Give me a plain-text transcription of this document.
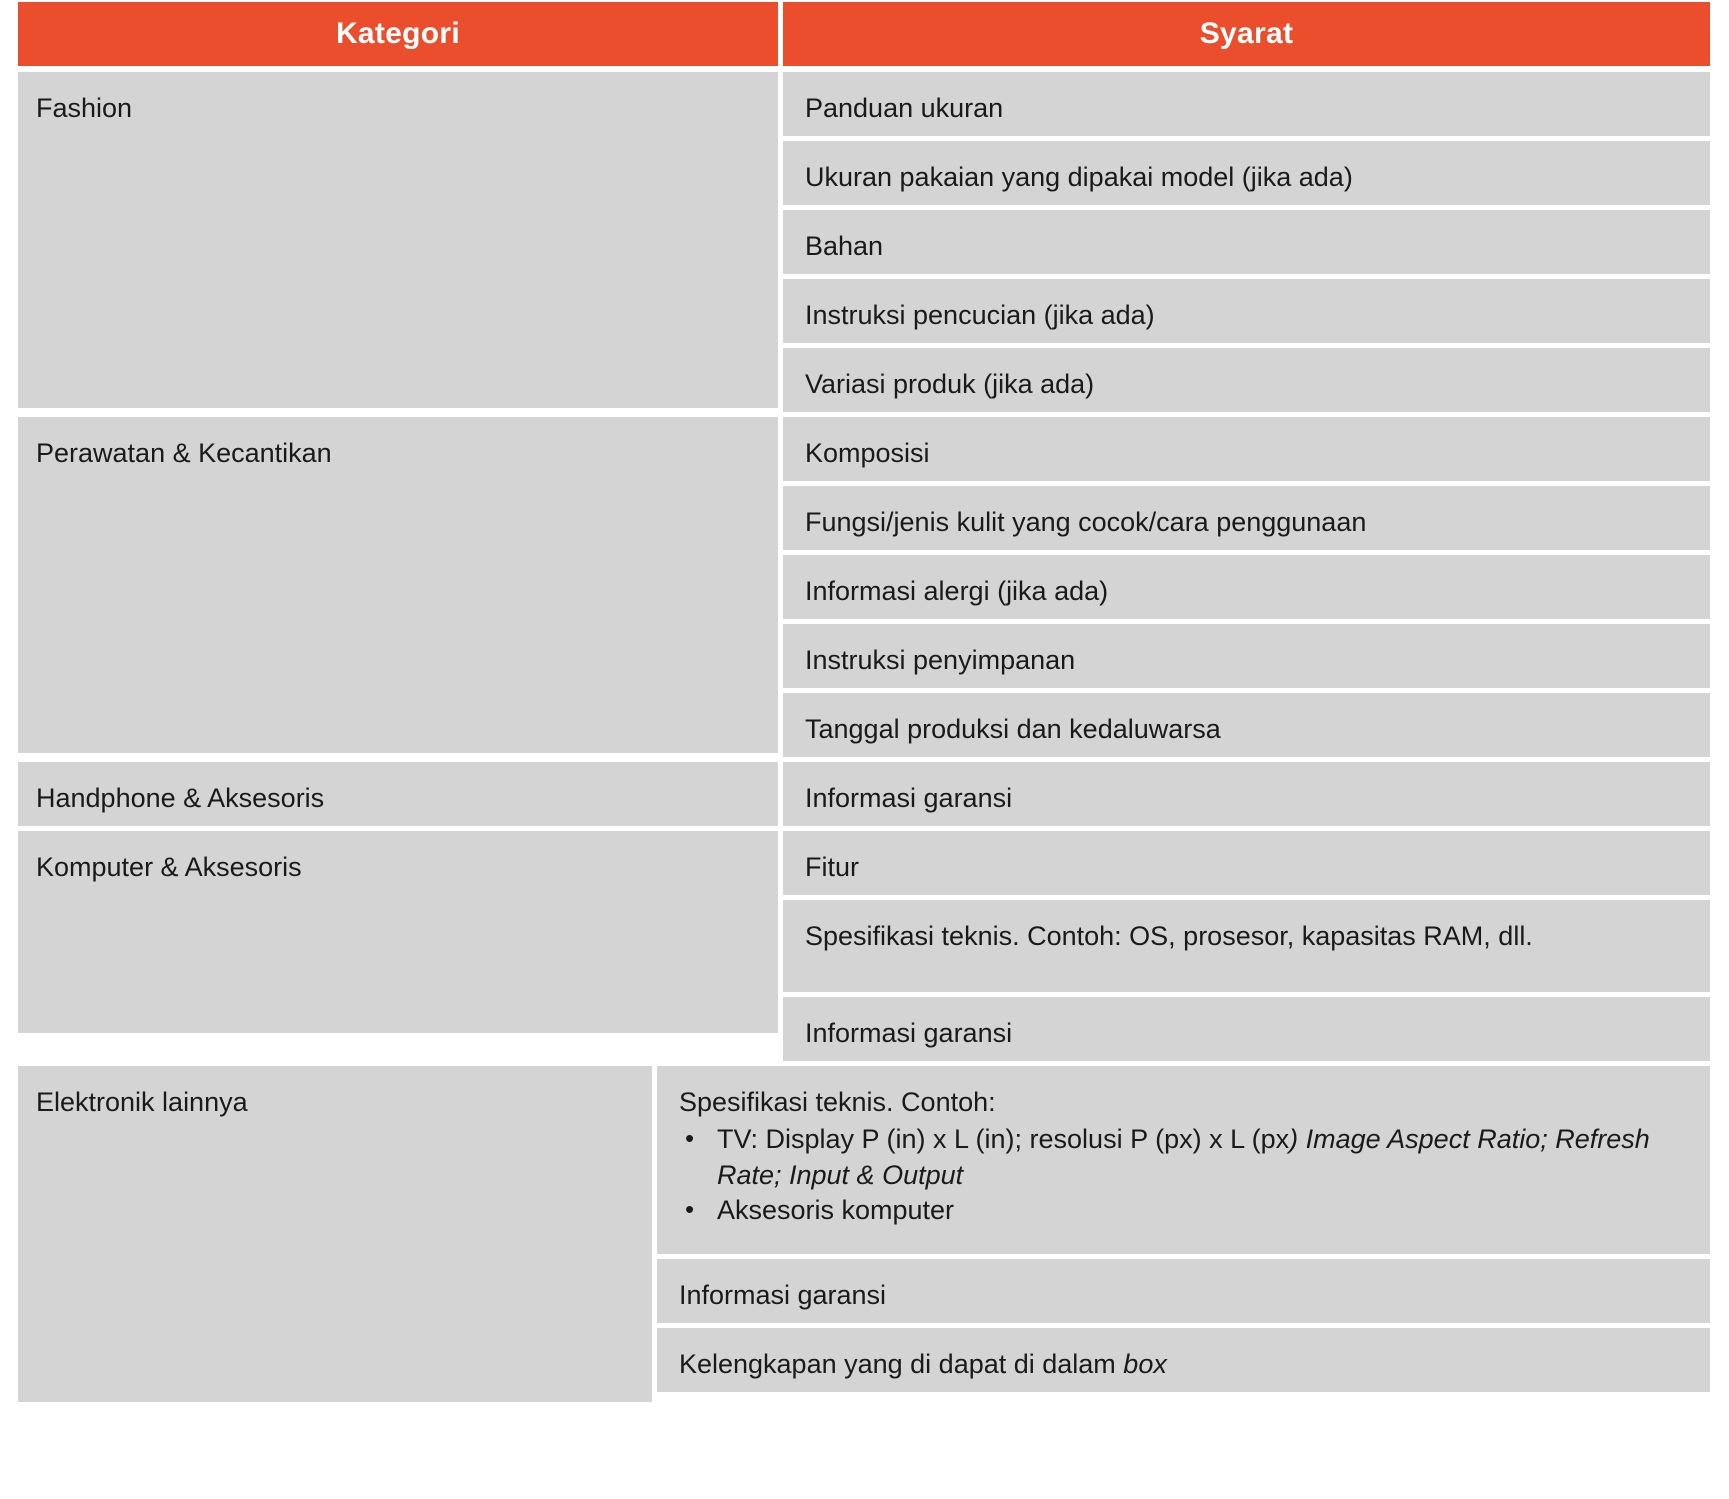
Kategori	Syarat
Fashion	Panduan ukuran
Ukuran pakaian yang dipakai model (jika ada)
Bahan
Instruksi pencucian (jika ada)
Variasi produk (jika ada)
Perawatan & Kecantikan	Komposisi
Fungsi/jenis kulit yang cocok/cara penggunaan
Informasi alergi (jika ada)
Instruksi penyimpanan
Tanggal produksi dan kedaluwarsa
Handphone & Aksesoris	Informasi garansi
Komputer & Aksesoris	Fitur
Spesifikasi teknis. Contoh: OS, prosesor, kapasitas RAM, dll.
Informasi garansi
Elektronik lainnya	Spesifikasi teknis. Contoh:
• TV: Display P (in) x L (in); resolusi P (px) x L (px) Image Aspect Ratio; Refresh Rate; Input & Output
• Aksesoris komputer
Informasi garansi
Kelengkapan yang di dapat di dalam box
